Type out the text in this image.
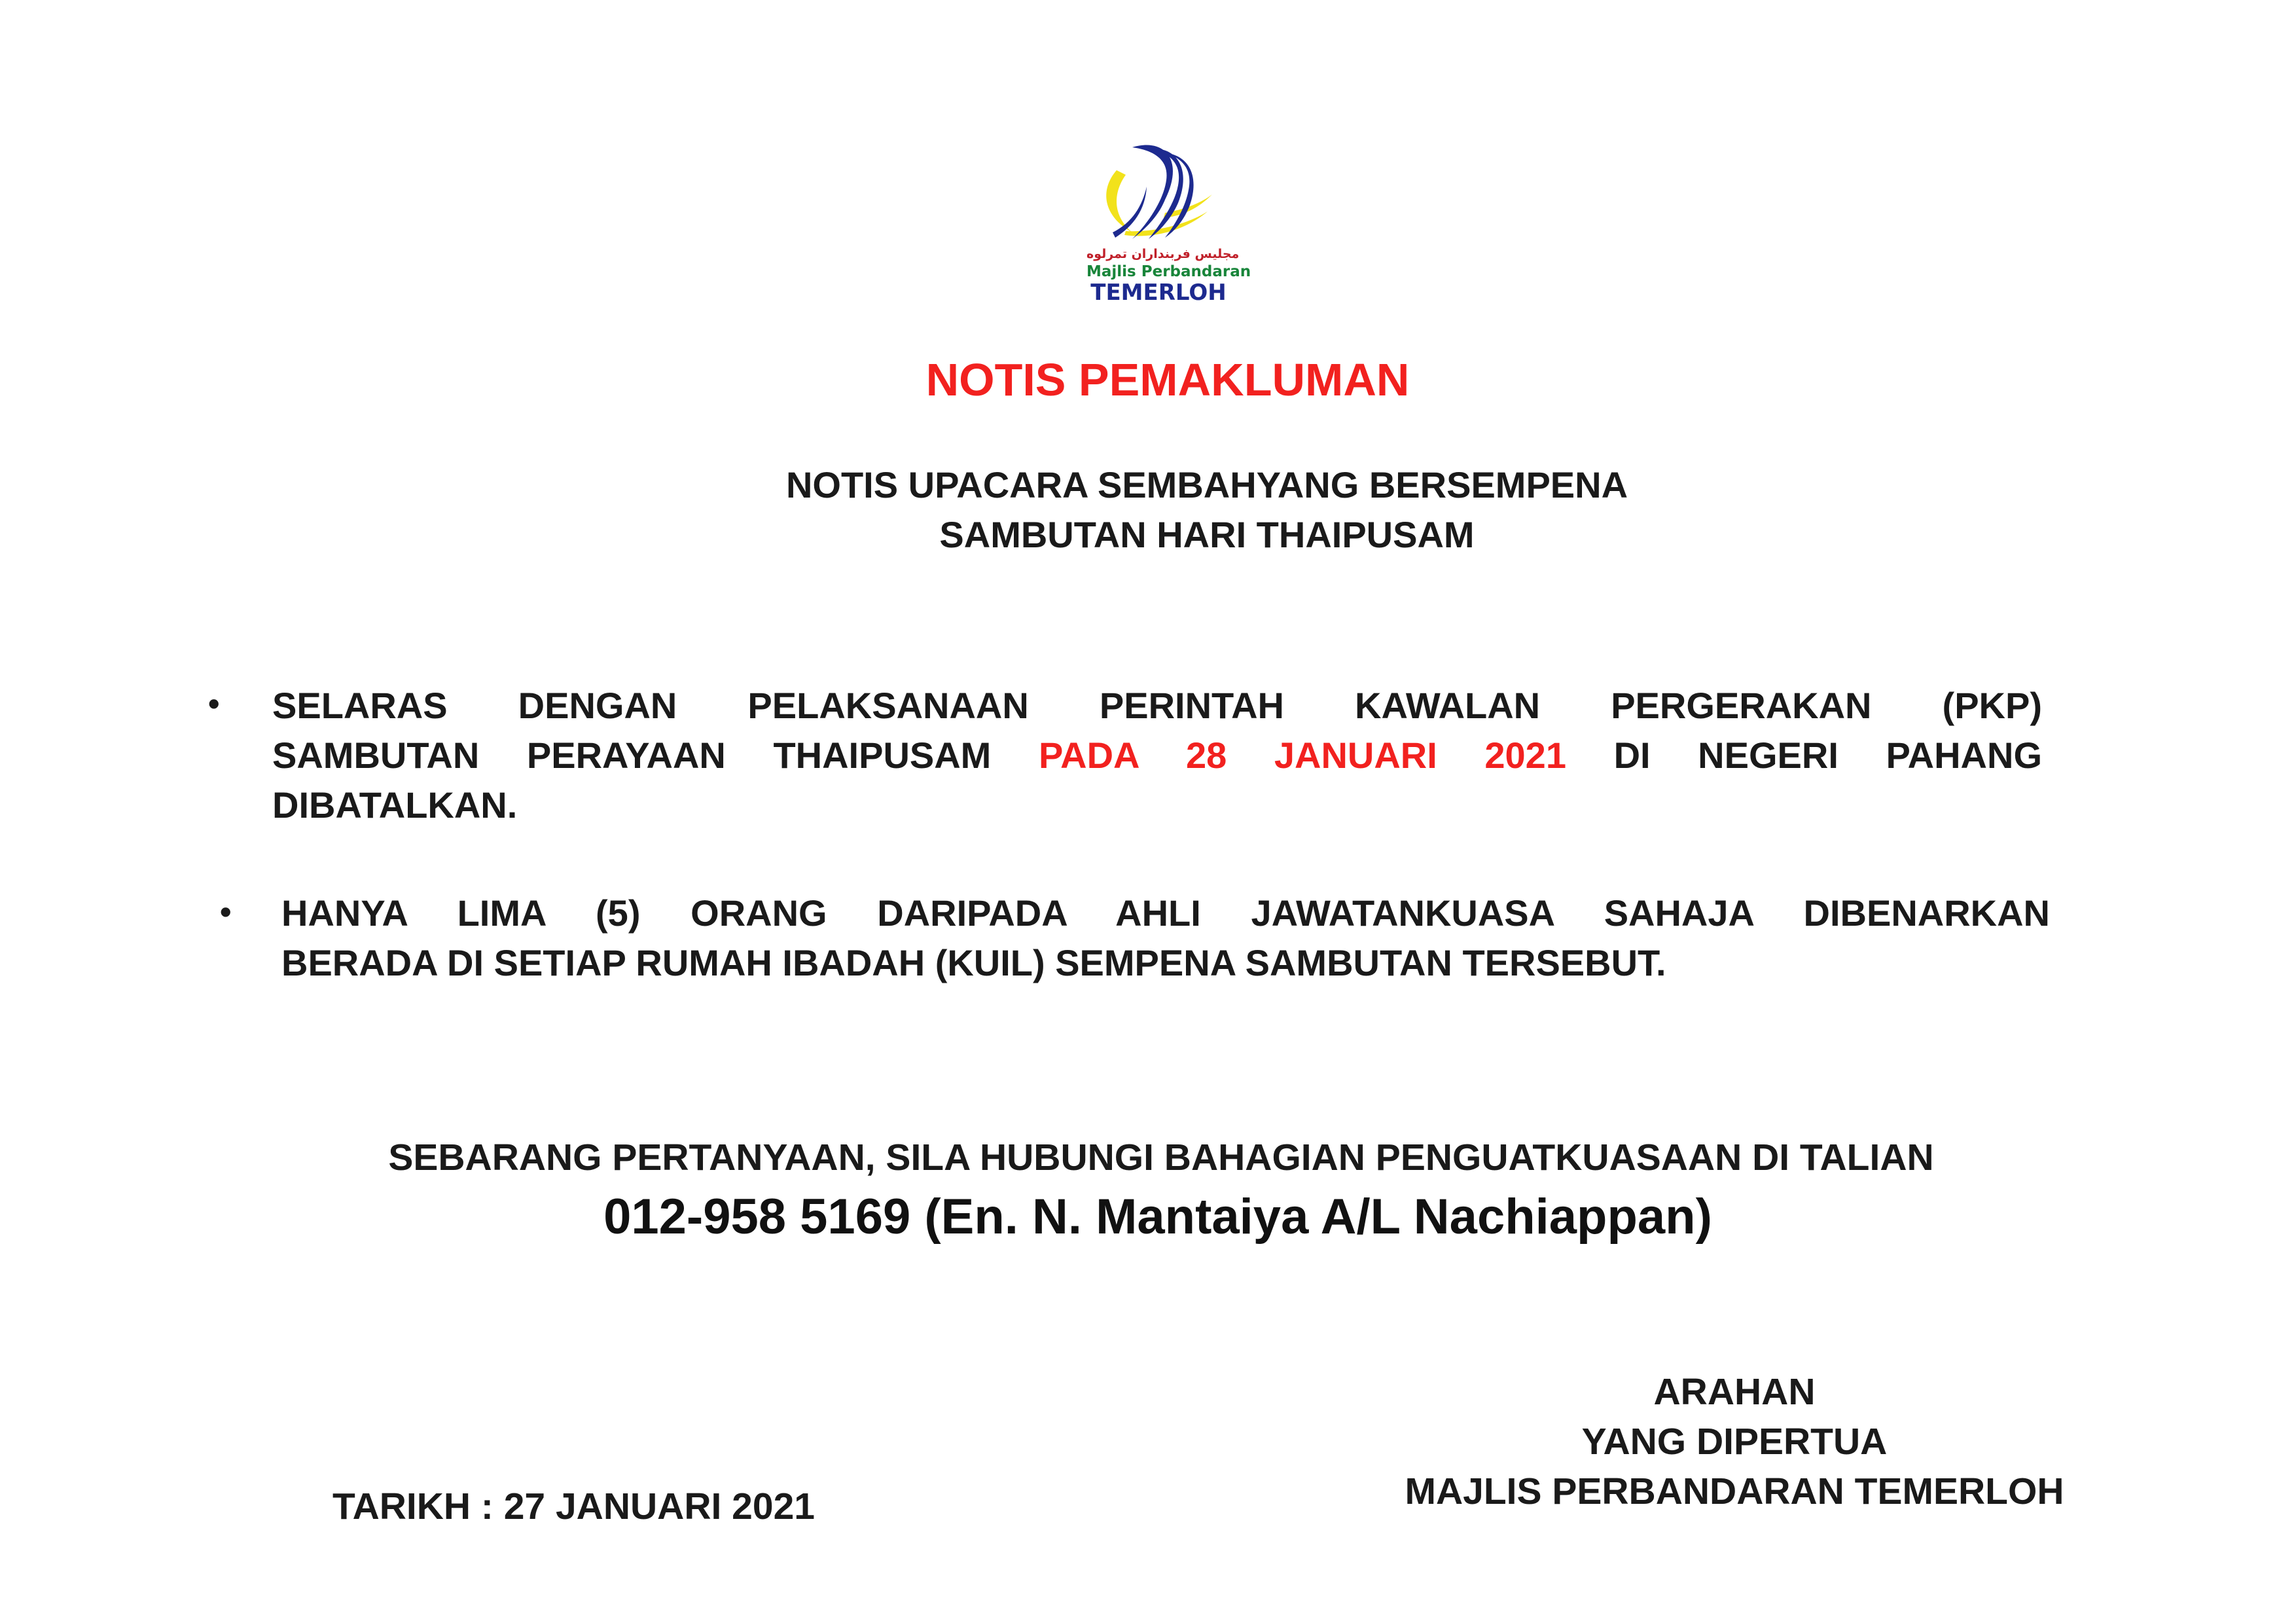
مجليس فربنداران تمرلوه
Majlis Perbandaran
TEMERLOH
NOTIS PEMAKLUMAN
NOTIS UPACARA SEMBAHYANG BERSEMPENA
SAMBUTAN HARI THAIPUSAM
• SELARAS DENGAN PELAKSANAAN PERINTAH KAWALAN PERGERAKAN (PKP)
SAMBUTAN PERAYAAN THAIPUSAM PADA 28 JANUARI 2021 DI NEGERI PAHANG
DIBATALKAN.
• HANYA LIMA (5) ORANG DARIPADA AHLI JAWATANKUASA SAHAJA DIBENARKAN
BERADA DI SETIAP RUMAH IBADAH (KUIL) SEMPENA SAMBUTAN TERSEBUT.
SEBARANG PERTANYAAN, SILA HUBUNGI BAHAGIAN PENGUATKUASAAN DI TALIAN
012-958 5169 (En. N. Mantaiya A/L Nachiappan)
ARAHAN
YANG DIPERTUA
MAJLIS PERBANDARAN TEMERLOH
TARIKH : 27 JANUARI 2021
